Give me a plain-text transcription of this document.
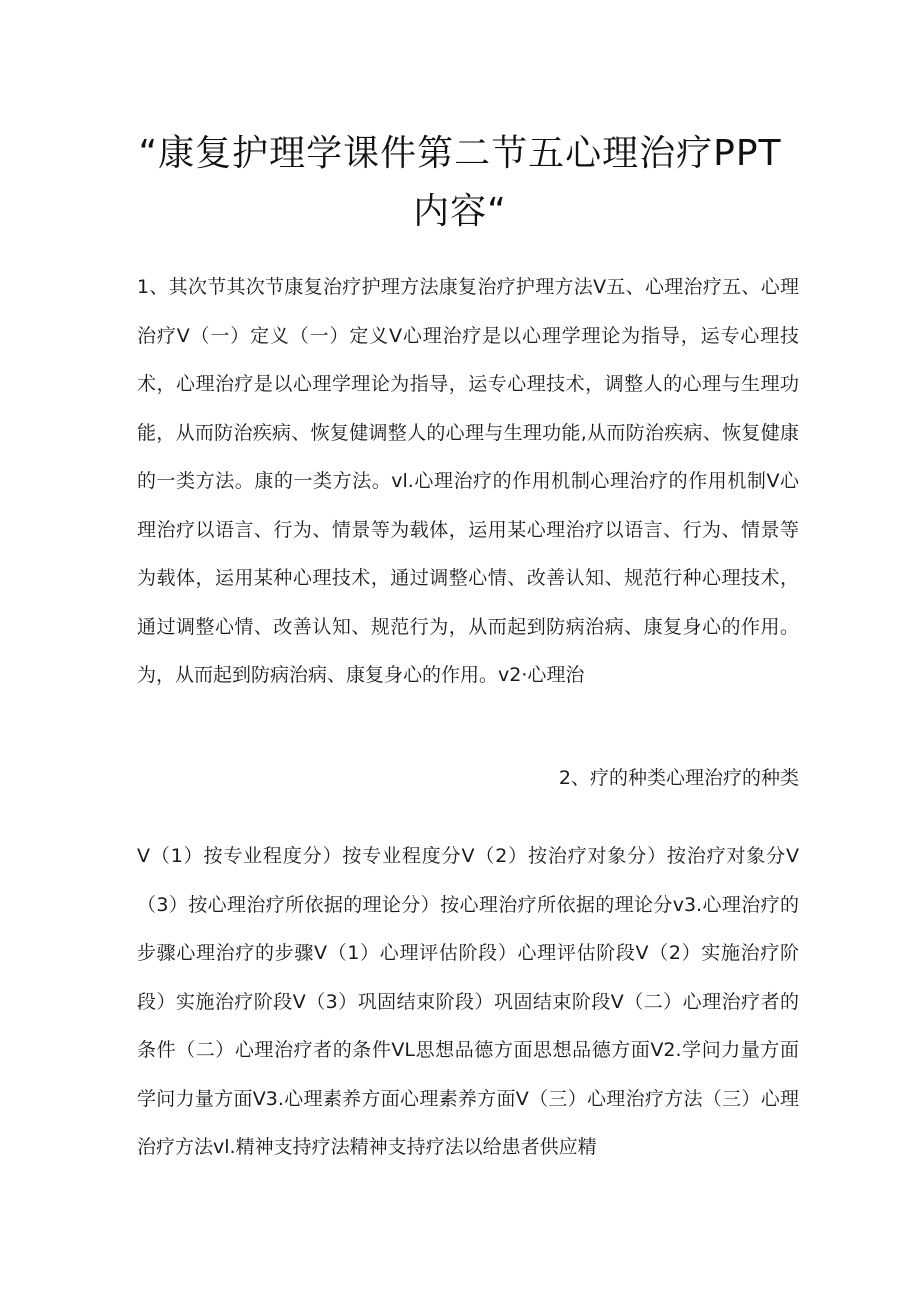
“康复护理学课件第二节五心理治疗PPT内容“

1、其次节其次节康复治疗护理方法康复治疗护理方法V五、心理治疗五、心理治疗V（一）定义（一）定义V心理治疗是以心理学理论为指导，运专心理技术，心理治疗是以心理学理论为指导，运专心理技术，调整人的心理与生理功能，从而防治疾病、恢复健调整人的心理与生理功能,从而防治疾病、恢复健康的一类方法。康的一类方法。vl.心理治疗的作用机制心理治疗的作用机制V心理治疗以语言、行为、情景等为载体，运用某心理治疗以语言、行为、情景等为载体，运用某种心理技术，通过调整心情、改善认知、规范行种心理技术，通过调整心情、改善认知、规范行为，从而起到防病治病、康复身心的作用。为，从而起到防病治病、康复身心的作用。v2·心理治

2、疗的种类心理治疗的种类

V（1）按专业程度分）按专业程度分V（2）按治疗对象分）按治疗对象分V（3）按心理治疗所依据的理论分）按心理治疗所依据的理论分v3.心理治疗的步骤心理治疗的步骤V（1）心理评估阶段）心理评估阶段V（2）实施治疗阶段）实施治疗阶段V（3）巩固结束阶段）巩固结束阶段V（二）心理治疗者的条件（二）心理治疗者的条件VL思想品德方面思想品德方面V2.学问力量方面学问力量方面V3.心理素养方面心理素养方面V（三）心理治疗方法（三）心理治疗方法vl.精神支持疗法精神支持疗法以给患者供应精
